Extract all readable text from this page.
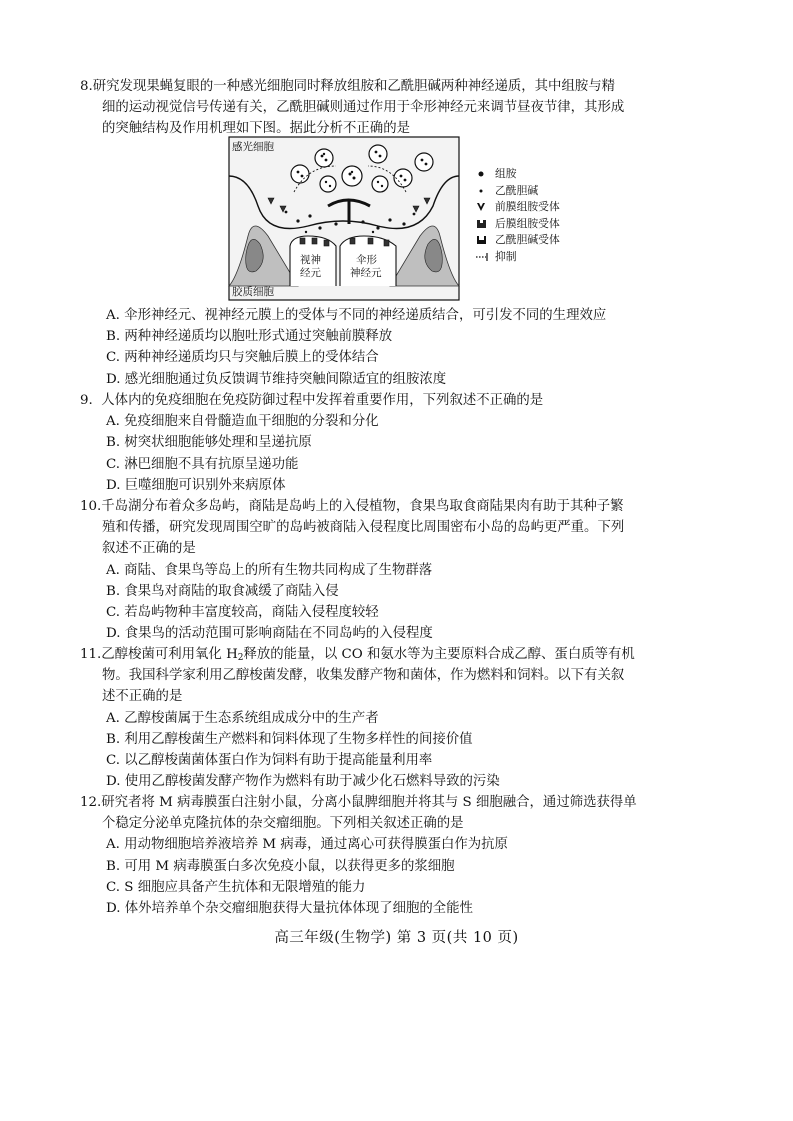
8.研究发现果蝇复眼的一种感光细胞同时释放组胺和乙酰胆碱两种神经递质，其中组胺与精
细的运动视觉信号传递有关，乙酰胆碱则通过作用于伞形神经元来调节昼夜节律，其形成
的突触结构及作用机理如下图。据此分析不正确的是
感光细胞
胶质细胞
视神
经元
伞形
神经元
组胺
乙酰胆碱
前膜组胺受体
后膜组胺受体
乙酰胆碱受体
抑制
A. 伞形神经元、视神经元膜上的受体与不同的神经递质结合，可引发不同的生理效应
B. 两种神经递质均以胞吐形式通过突触前膜释放
C. 两种神经递质均只与突触后膜上的受体结合
D. 感光细胞通过负反馈调节维持突触间隙适宜的组胺浓度
9. 人体内的免疫细胞在免疫防御过程中发挥着重要作用，下列叙述不正确的是
A. 免疫细胞来自骨髓造血干细胞的分裂和分化
B. 树突状细胞能够处理和呈递抗原
C. 淋巴细胞不具有抗原呈递功能
D. 巨噬细胞可识别外来病原体
10.千岛湖分布着众多岛屿，商陆是岛屿上的入侵植物，食果鸟取食商陆果肉有助于其种子繁
殖和传播，研究发现周围空旷的岛屿被商陆入侵程度比周围密布小岛的岛屿更严重。下列
叙述不正确的是
A. 商陆、食果鸟等岛上的所有生物共同构成了生物群落
B. 食果鸟对商陆的取食减缓了商陆入侵
C. 若岛屿物种丰富度较高，商陆入侵程度较轻
D. 食果鸟的活动范围可影响商陆在不同岛屿的入侵程度
11.乙醇梭菌可利用氧化 $H_2$释放的能量，以 CO 和氨水等为主要原料合成乙醇、蛋白质等有机
物。我国科学家利用乙醇梭菌发酵，收集发酵产物和菌体，作为燃料和饲料。以下有关叙
述不正确的是
A. 乙醇梭菌属于生态系统组成成分中的生产者
B. 利用乙醇梭菌生产燃料和饲料体现了生物多样性的间接价值
C. 以乙醇梭菌菌体蛋白作为饲料有助于提高能量利用率
D. 使用乙醇梭菌发酵产物作为燃料有助于减少化石燃料导致的污染
12.研究者将 M 病毒膜蛋白注射小鼠，分离小鼠脾细胞并将其与 S 细胞融合，通过筛选获得单
个稳定分泌单克隆抗体的杂交瘤细胞。下列相关叙述正确的是
A. 用动物细胞培养液培养 M 病毒，通过离心可获得膜蛋白作为抗原
B. 可用 M 病毒膜蛋白多次免疫小鼠，以获得更多的浆细胞
C. S 细胞应具备产生抗体和无限增殖的能力
D. 体外培养单个杂交瘤细胞获得大量抗体体现了细胞的全能性
高三年级(生物学) 第 3 页(共 10 页)
